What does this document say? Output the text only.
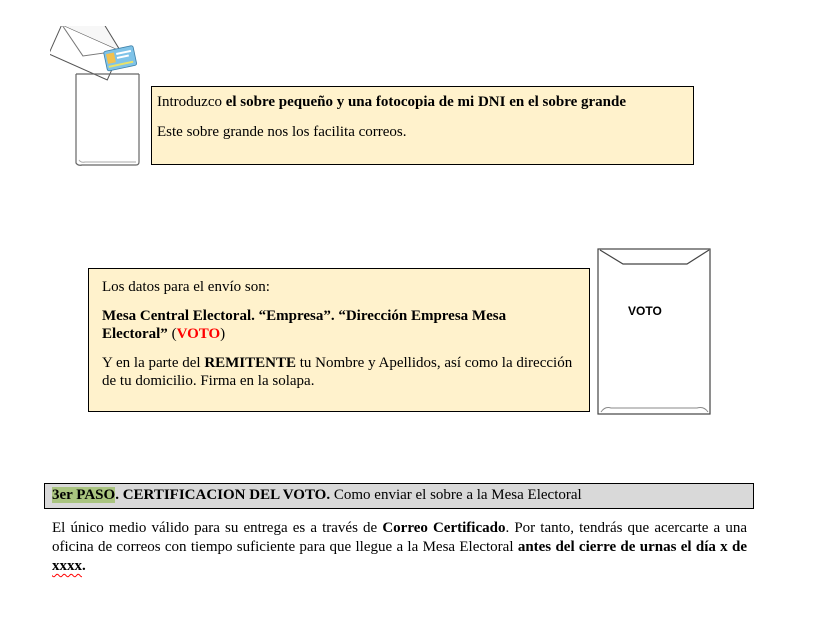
Introduzco el sobre pequeño y una fotocopia de mi DNI en el sobre grande

Este sobre grande nos los facilita correos.

Los datos para el envío son:

Mesa Central Electoral. “Empresa”. “Dirección Empresa Mesa Electoral” (VOTO)

Y en la parte del REMITENTE tu Nombre y Apellidos, así como la dirección de tu domicilio. Firma en la solapa.

VOTO
3er PASO. CERTIFICACION DEL VOTO. Como enviar el sobre a la Mesa Electoral
El único medio válido para su entrega es a través de Correo Certificado. Por tanto, tendrás que acercarte a una oficina de correos con tiempo suficiente para que llegue a la Mesa Electoral antes del cierre de urnas el día x de xxxx.
